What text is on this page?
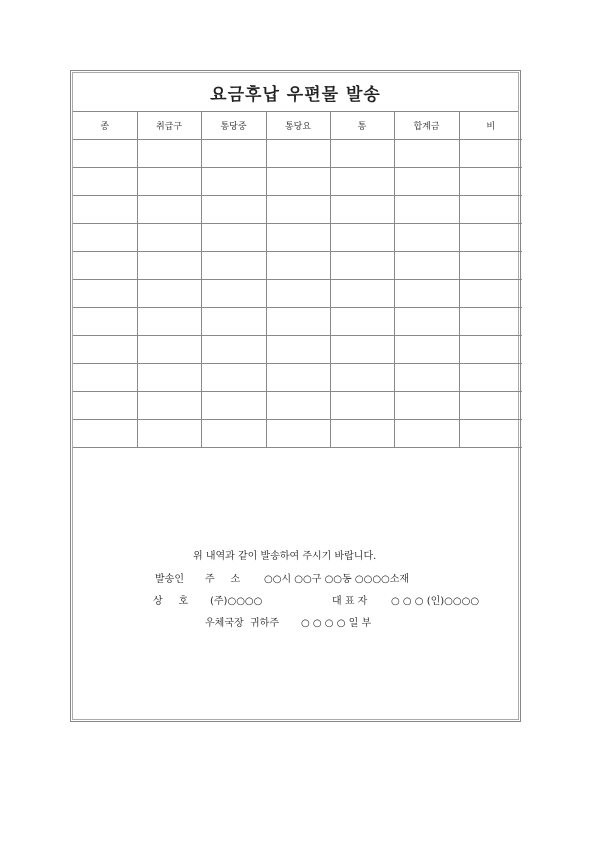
요금후납 우편물 발송
종	취급구	통당중	통당요	통	합계금	비

위 내역과 같이 발송하여 주시기 바랍니다.
발송인 주     소 ○○시 ○○구 ○○동 ○○○○소재
상     호 (주)○○○○	대 표 자 ○ ○ ○ (인)○○○○
우체국장  귀하주 ○ ○ ○ ○ 일 부
